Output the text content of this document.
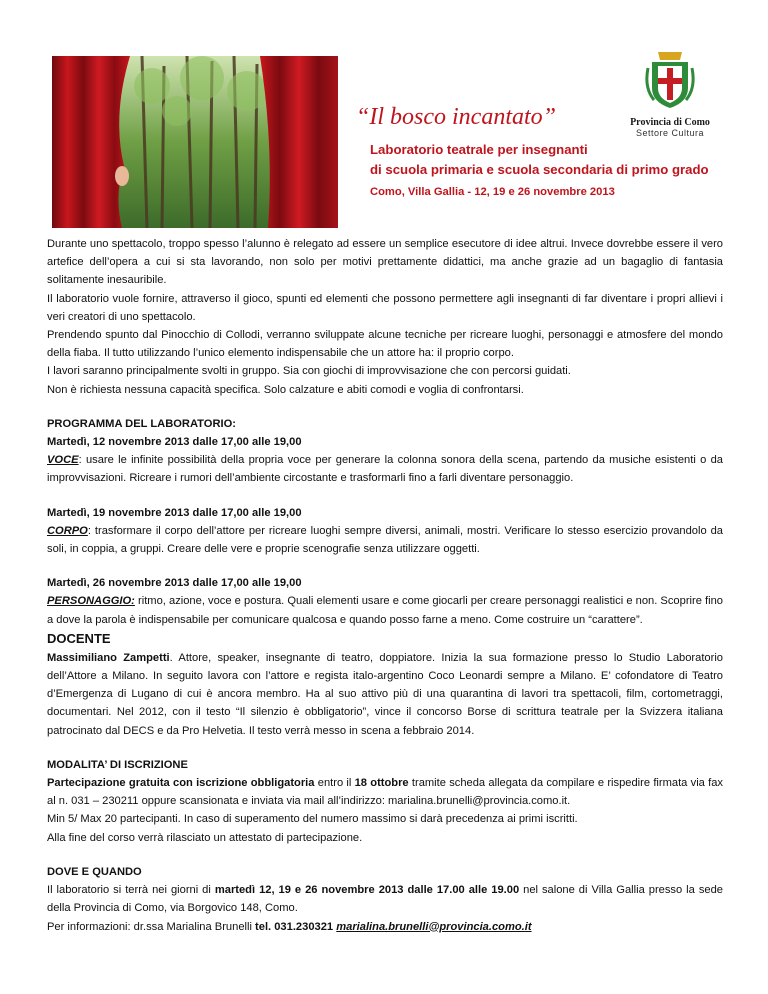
“Il bosco incantato”	Provincia di Como
Settore Cultura
Laboratorio teatrale per insegnanti
di scuola primaria e scuola secondaria di primo grado
Como, Villa Gallia - 12, 19 e 26 novembre 2013

Durante uno spettacolo, troppo spesso l’alunno è relegato ad essere un semplice esecutore di idee altrui. Invece dovrebbe essere il vero artefice dell’opera a cui si sta lavorando, non solo per motivi prettamente didattici, ma anche grazie ad un bagaglio di fantasia solitamente inesauribile.

Il laboratorio vuole fornire, attraverso il gioco, spunti ed elementi che possono permettere agli insegnanti di far diventare i propri allievi i veri creatori di uno spettacolo.

Prendendo spunto dal Pinocchio di Collodi, verranno sviluppate alcune tecniche per ricreare luoghi, personaggi e atmosfere del mondo della fiaba. Il tutto utilizzando l’unico elemento indispensabile che un attore ha: il proprio corpo.

I lavori saranno principalmente svolti in gruppo. Sia con giochi di improvvisazione che con percorsi guidati.

Non è richiesta nessuna capacità specifica. Solo calzature e abiti comodi e voglia di confrontarsi.

PROGRAMMA DEL LABORATORIO:

Martedì, 12 novembre 2013 dalle 17,00 alle 19,00

VOCE: usare le infinite possibilità della propria voce per generare la colonna sonora della scena, partendo da musiche esistenti o da improvvisazioni. Ricreare i rumori dell’ambiente circostante e trasformarli fino a farli diventare personaggio.

Martedì, 19 novembre 2013 dalle 17,00 alle 19,00

CORPO: trasformare il corpo dell’attore per ricreare luoghi sempre diversi, animali, mostri. Verificare lo stesso esercizio provandolo da soli, in coppia, a gruppi. Creare delle vere e proprie scenografie senza utilizzare oggetti.

Martedì, 26 novembre 2013 dalle 17,00 alle 19,00

PERSONAGGIO: ritmo, azione, voce e postura. Quali elementi usare e come giocarli per creare personaggi realistici e non. Scoprire fino a dove la parola è indispensabile per comunicare qualcosa e quando posso farne a meno. Come costruire un “carattere”.

DOCENTE

Massimiliano Zampetti. Attore, speaker, insegnante di teatro, doppiatore. Inizia la sua formazione presso lo Studio Laboratorio dell’Attore a Milano. In seguito lavora con l’attore e regista italo-argentino Coco Leonardi sempre a Milano. E’ cofondatore di Teatro d’Emergenza di Lugano di cui è ancora membro. Ha al suo attivo più di una quarantina di lavori tra spettacoli, film, cortometraggi, documentari. Nel 2012, con il testo “Il silenzio è obbligatorio”, vince il concorso Borse di scrittura teatrale per la Svizzera italiana patrocinato dal DECS e da Pro Helvetia. Il testo verrà messo in scena a febbraio 2014.

MODALITA’ DI ISCRIZIONE

Partecipazione gratuita con iscrizione obbligatoria entro il 18 ottobre tramite scheda allegata da compilare e rispedire firmata via fax al n. 031 – 230211 oppure scansionata e inviata via mail all’indirizzo: marialina.brunelli@provincia.como.it.

Min 5/ Max 20 partecipanti. In caso di superamento del numero massimo si darà precedenza ai primi iscritti.

Alla fine del corso verrà rilasciato un attestato di partecipazione.

DOVE E QUANDO

Il laboratorio si terrà nei giorni di martedì 12, 19 e 26 novembre 2013 dalle 17.00 alle 19.00 nel salone di Villa Gallia presso la sede della Provincia di Como, via Borgovico 148, Como.

Per informazioni: dr.ssa Marialina Brunelli tel. 031.230321 marialina.brunelli@provincia.como.it
